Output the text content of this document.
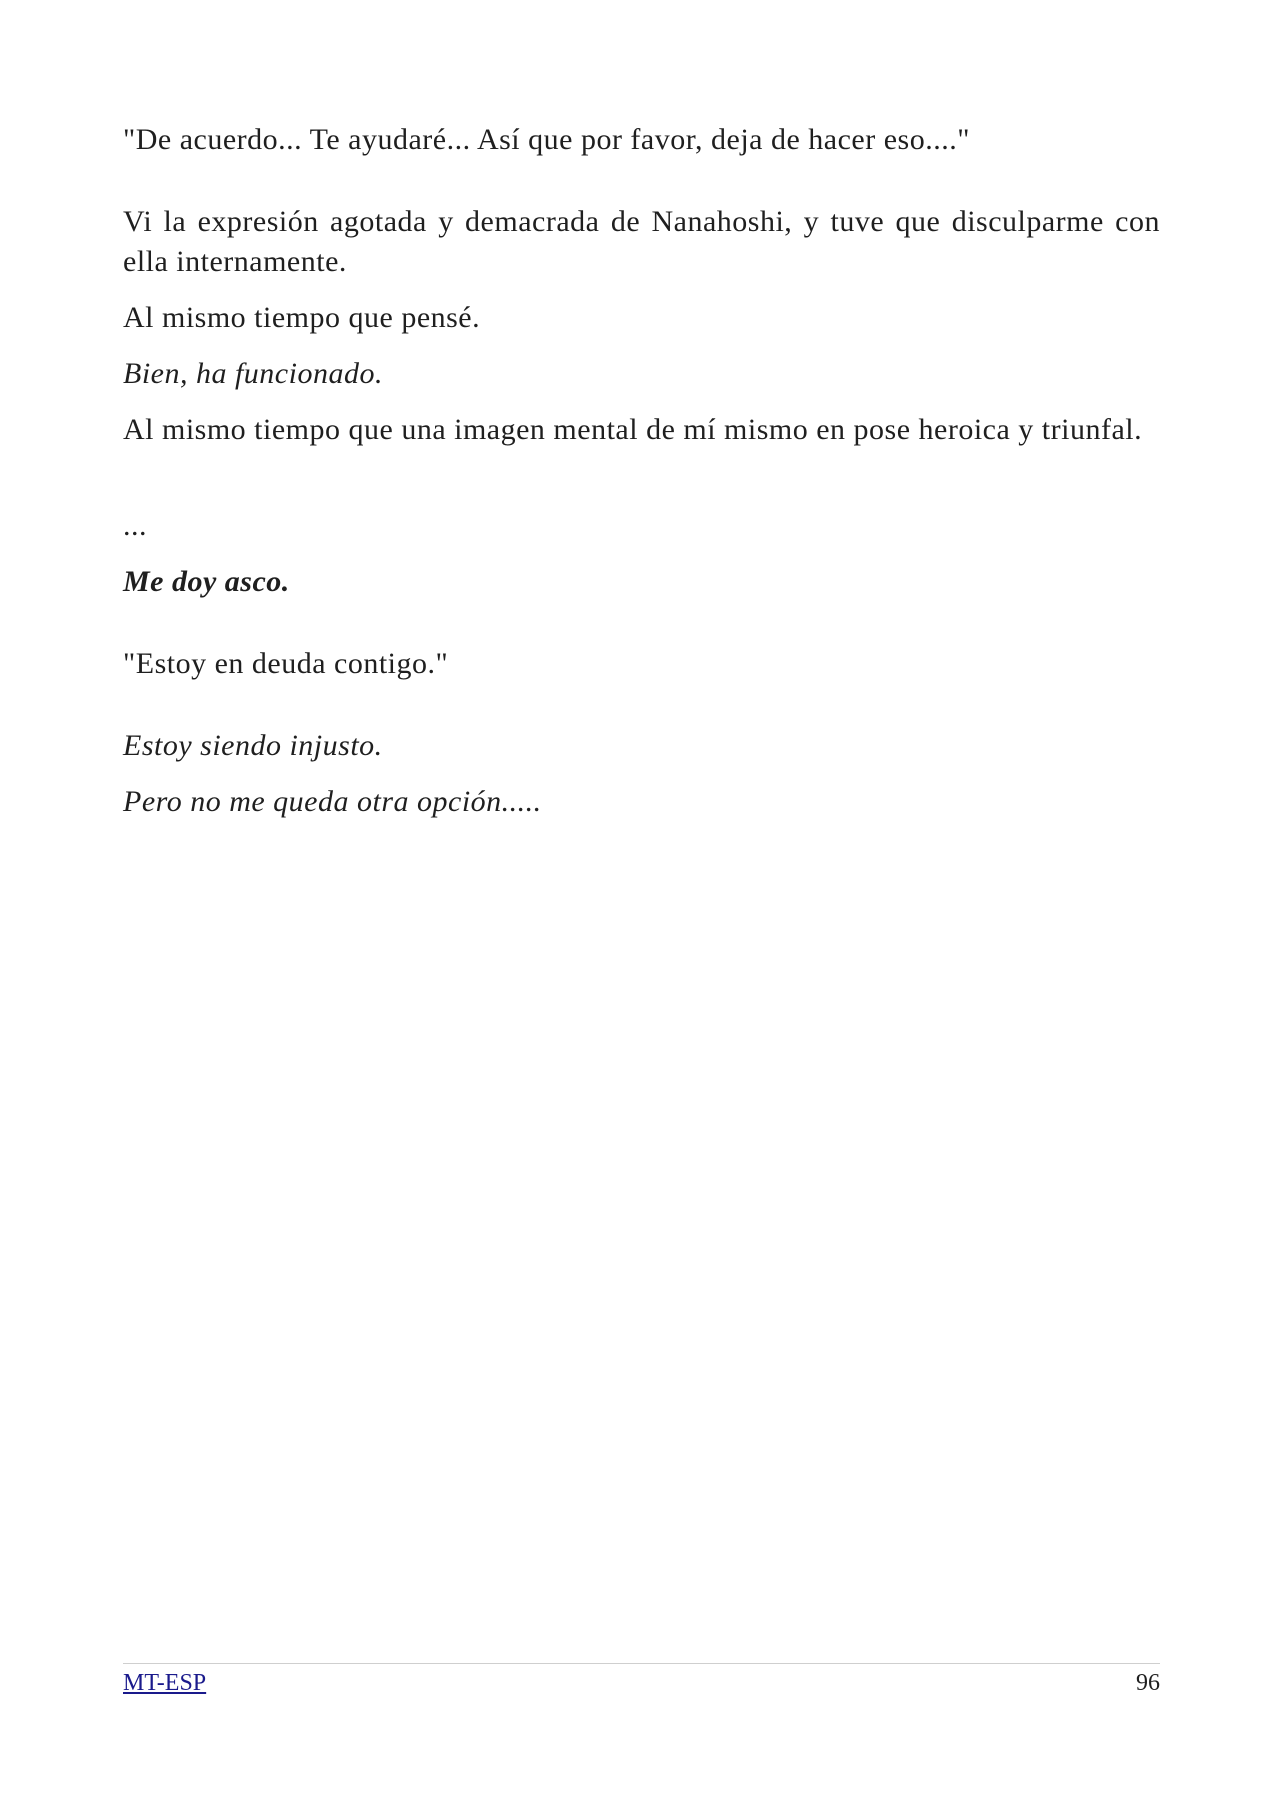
"De acuerdo... Te ayudaré... Así que por favor, deja de hacer eso...."

Vi la expresión agotada y demacrada de Nanahoshi, y tuve que disculparme con ella internamente.

Al mismo tiempo que pensé.

Bien, ha funcionado.

Al mismo tiempo que una imagen mental de mí mismo en pose heroica y triunfal.

...

Me doy asco.

"Estoy en deuda contigo."

Estoy siendo injusto.

Pero no me queda otra opción.....

MT-ESP	96
